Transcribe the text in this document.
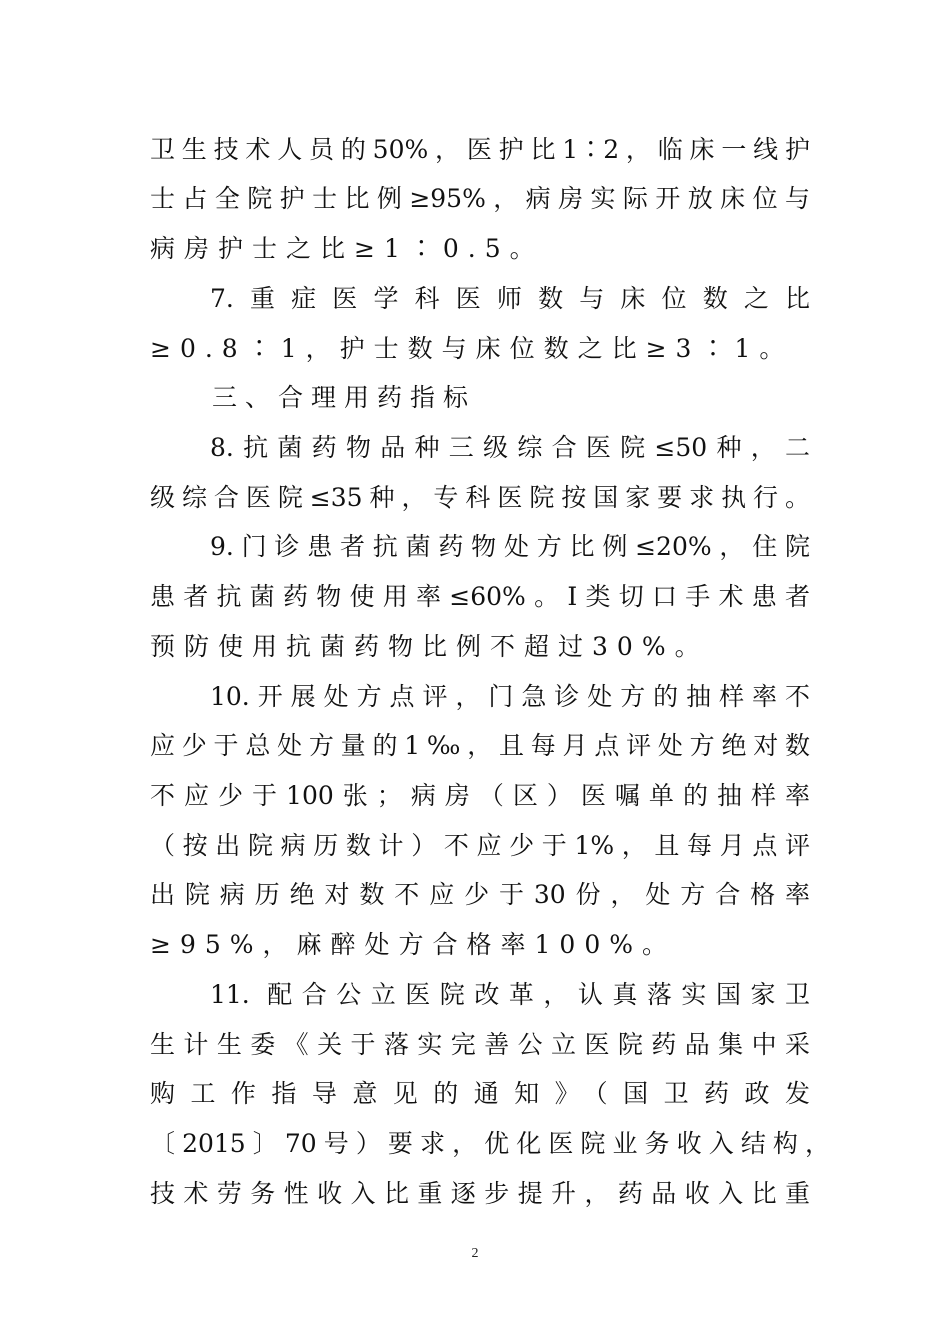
卫生技术人员的50%，医护比1∶2，临床一线护
士占全院护士比例≥95%，病房实际开放床位与
病房护士之比≥1∶0.5。
7.重症医学科医师数与床位数之比
≥0.8∶1，护士数与床位数之比≥3∶1。
三、合理用药指标
8.抗菌药物品种三级综合医院≤50种，二
级综合医院≤35种，专科医院按国家要求执行。
9.门诊患者抗菌药物处方比例≤20%，住院
患者抗菌药物使用率≤60%。I类切口手术患者
预防使用抗菌药物比例不超过30%。
10.开展处方点评，门急诊处方的抽样率不
应少于总处方量的1‰，且每月点评处方绝对数
不应少于100张；病房（区）医嘱单的抽样率
（按出院病历数计）不应少于1%，且每月点评
出院病历绝对数不应少于30份，处方合格率
≥95%，麻醉处方合格率100%。
11. 配合公立医院改革，认真落实国家卫
生计生委《关于落实完善公立医院药品集中采
购工作指导意见的通知》（国卫药政发
〔2015〕70号）要求，优化医院业务收入结构，
技术劳务性收入比重逐步提升，药品收入比重
2
